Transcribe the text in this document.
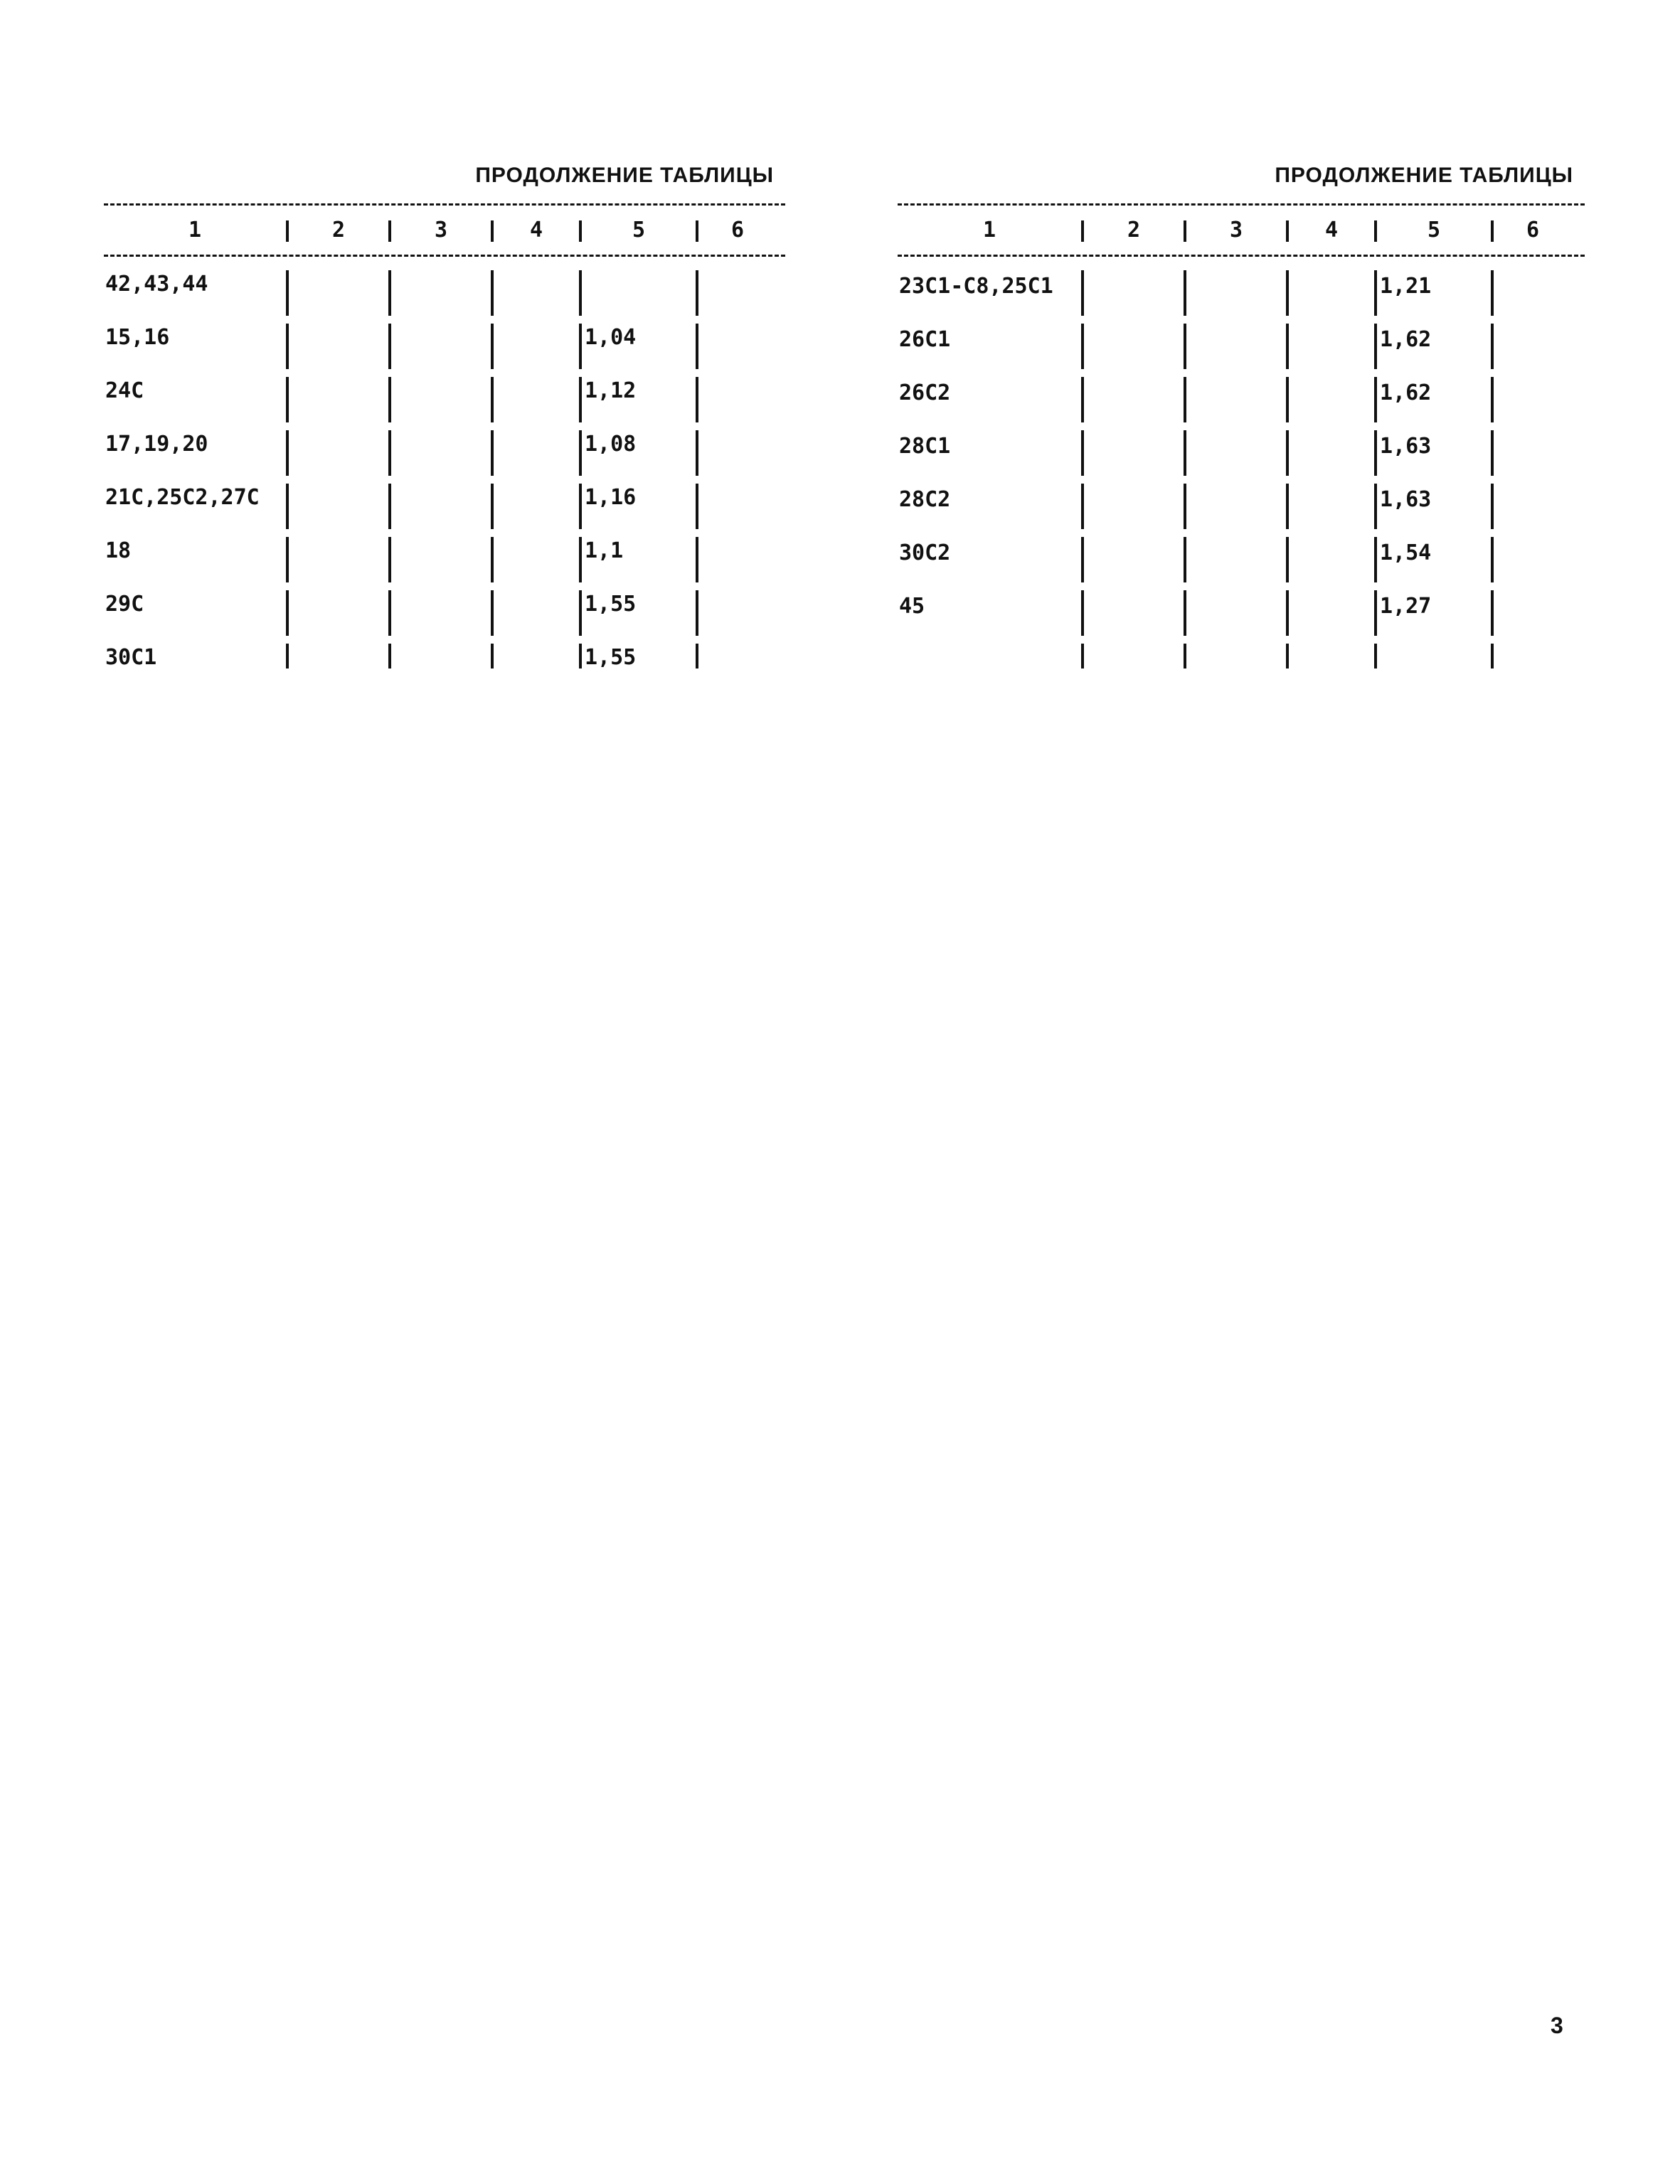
ПРОДОЛЖЕНИЕ ТАБЛИЦЫ
1	2	3	4	5	6
42,43,44
15,16	1,04
24C	1,12
17,19,20	1,08
21C,25C2,27C	1,16
18	1,1
29C	1,55
30C1	1,55
ПРОДОЛЖЕНИЕ ТАБЛИЦЫ
1	2	3	4	5	6
23C1-C8,25C1	1,21
26C1	1,62
26C2	1,62
28C1	1,63
28C2	1,63
30C2	1,54
45	1,27
3
